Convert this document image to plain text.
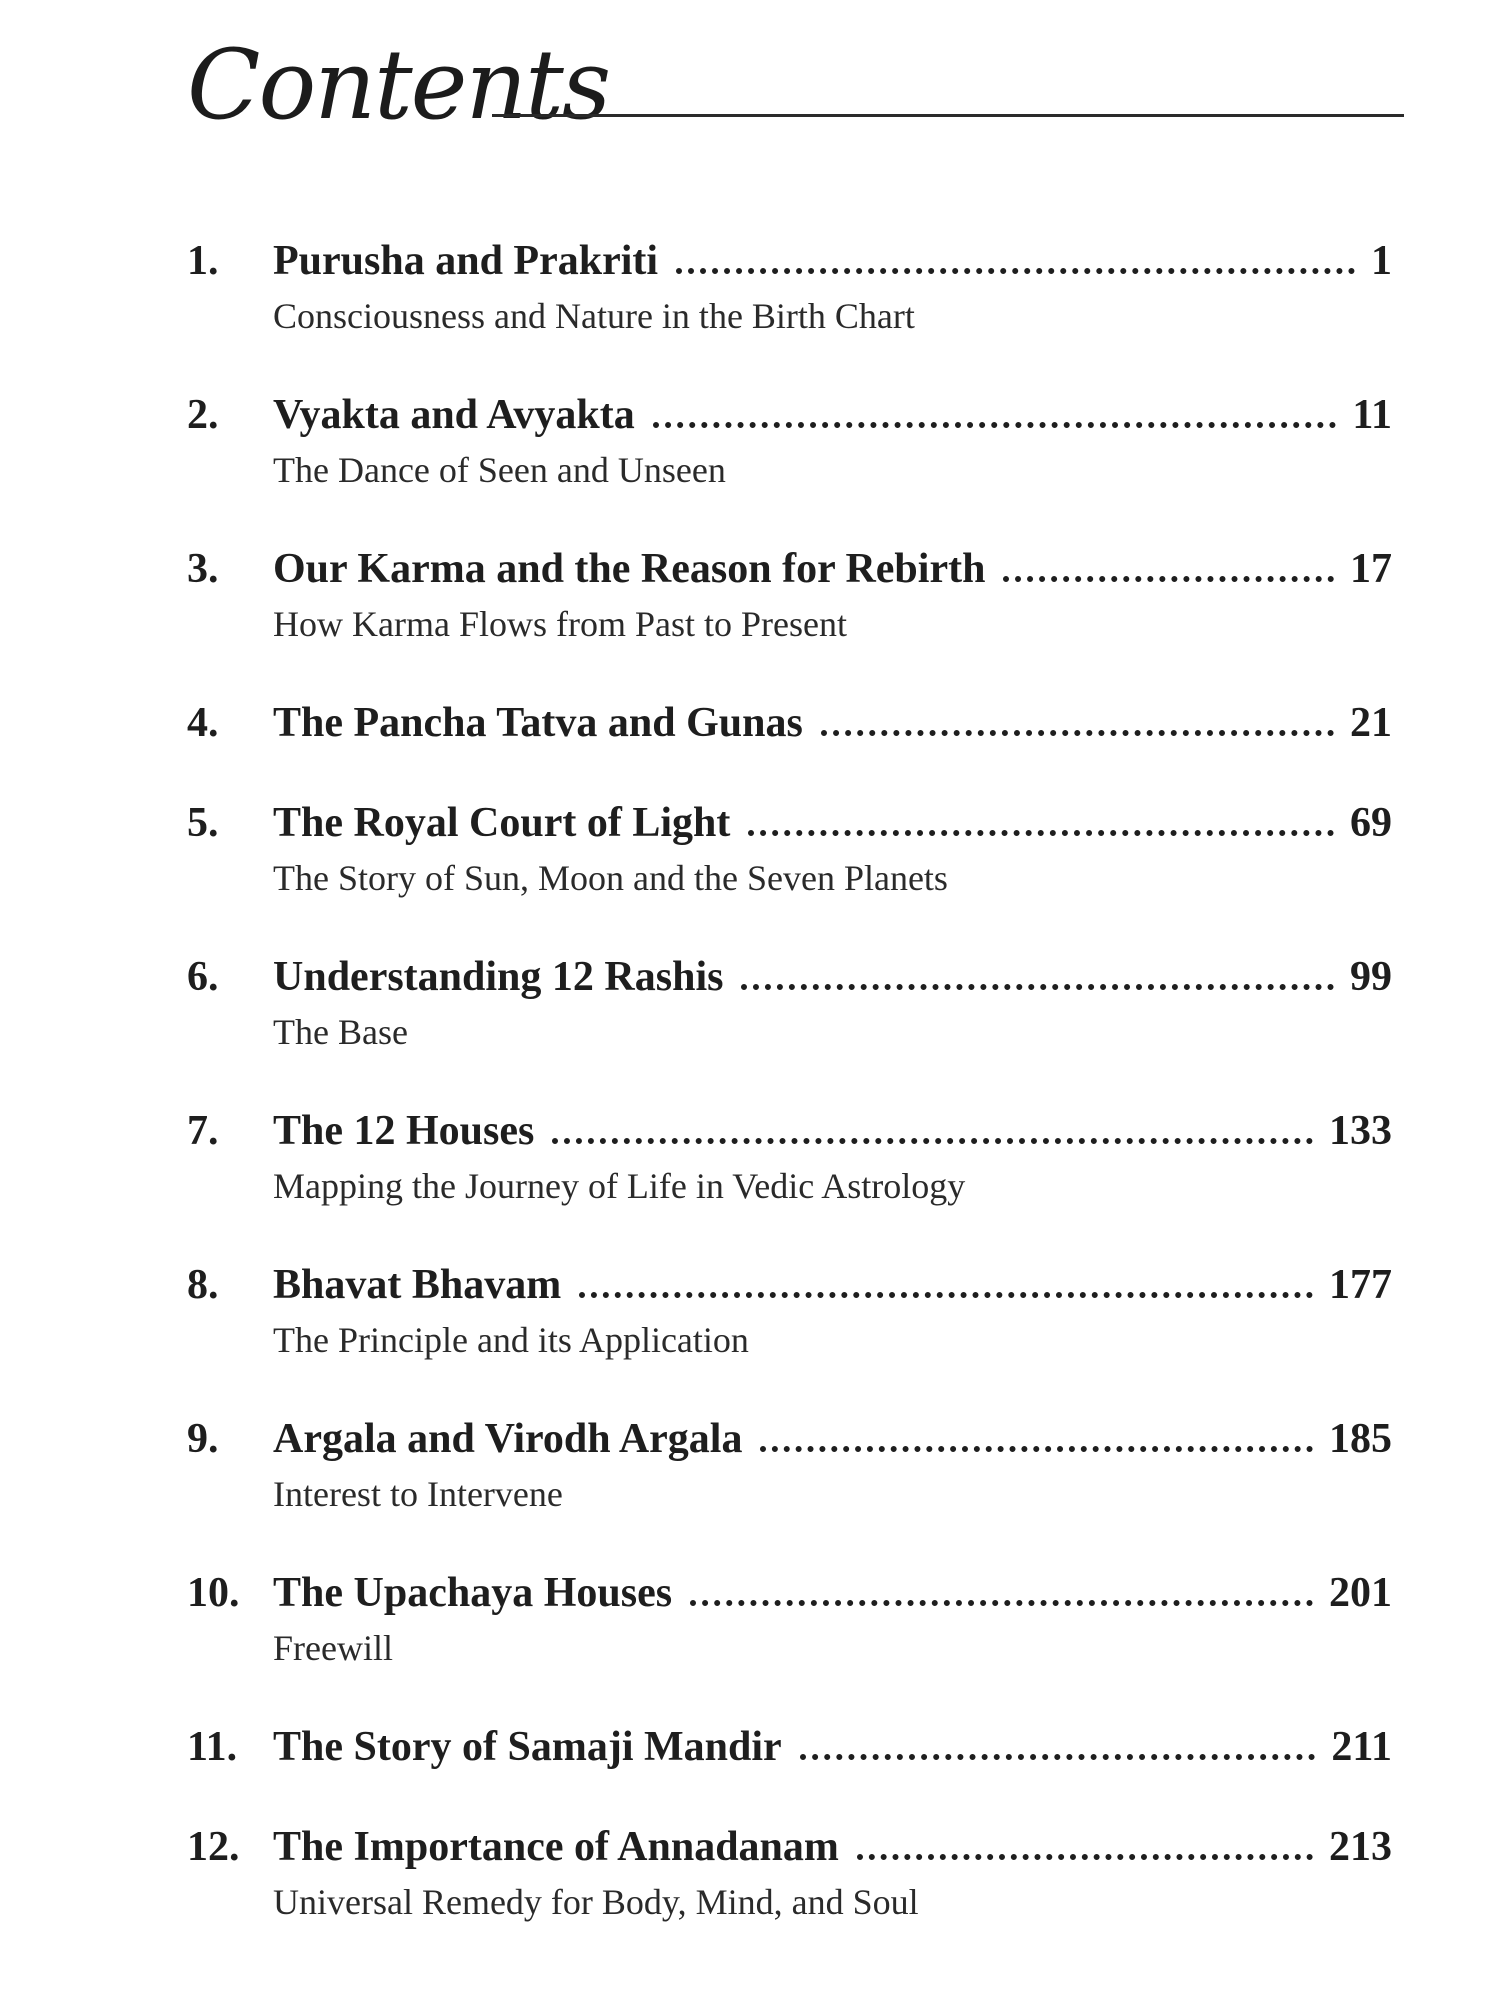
Contents
1.	Purusha and Prakriti	1
Consciousness and Nature in the Birth Chart
2.	Vyakta and Avyakta	11
The Dance of Seen and Unseen
3.	Our Karma and the Reason for Rebirth	17
How Karma Flows from Past to Present
4.	The Pancha Tatva and Gunas	21
5.	The Royal Court of Light	69
The Story of Sun, Moon and the Seven Planets
6.	Understanding 12 Rashis	99
The Base
7.	The 12 Houses	133
Mapping the Journey of Life in Vedic Astrology
8.	Bhavat Bhavam	177
The Principle and its Application
9.	Argala and Virodh Argala	185
Interest to Intervene
10. The Upachaya Houses	201
Freewill
11. The Story of Samaji Mandir	211
12. The Importance of Annadanam	213
Universal Remedy for Body, Mind, and Soul
